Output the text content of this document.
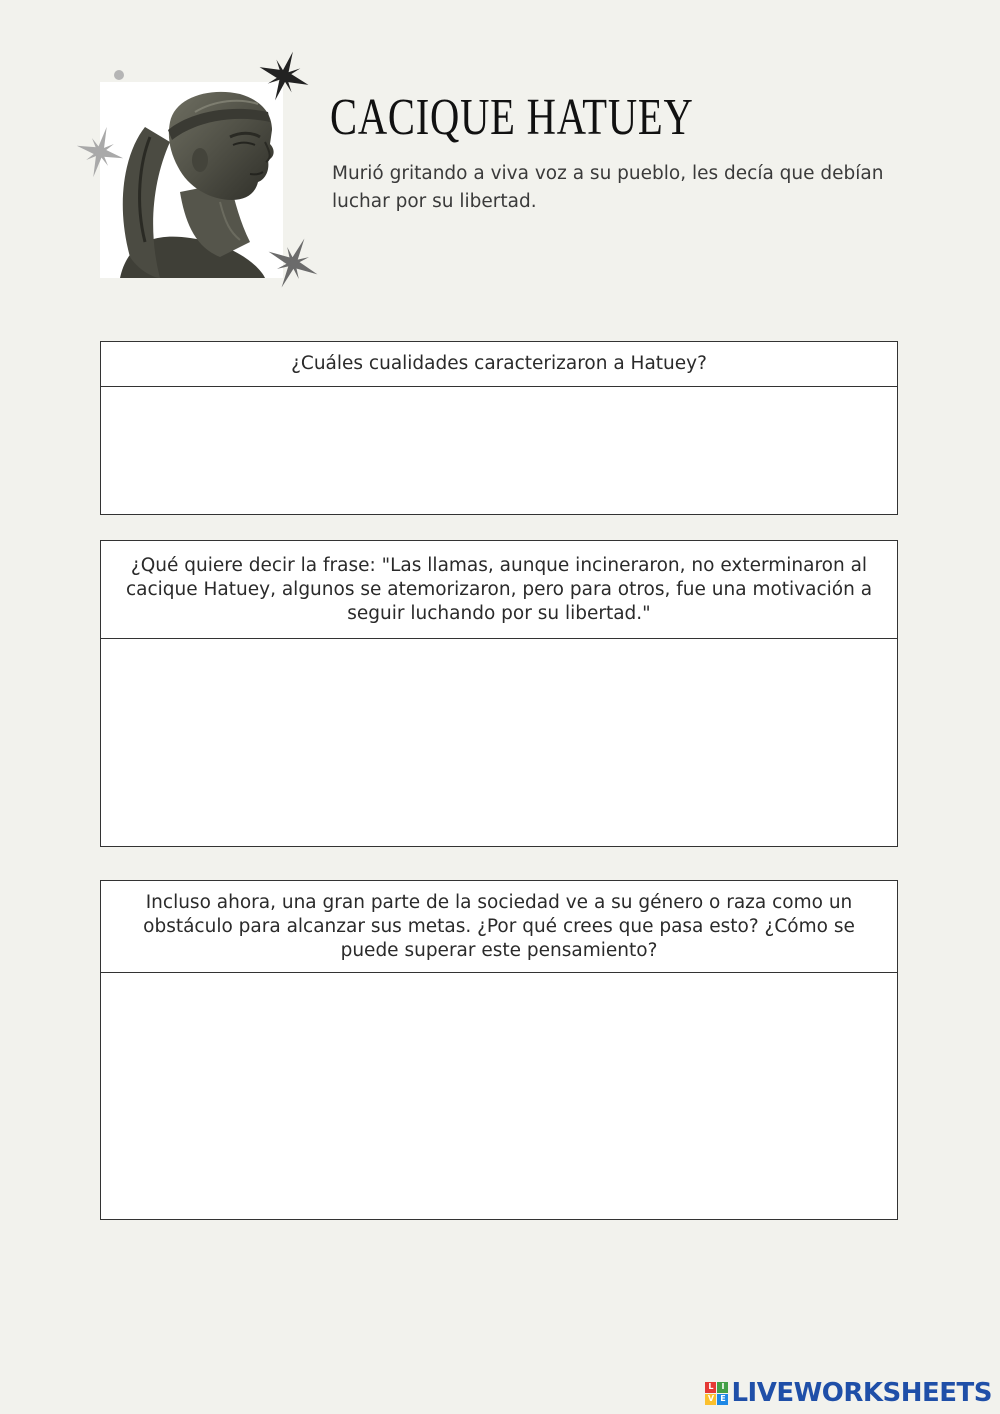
CACIQUE HATUEY

Murió gritando a viva voz a su pueblo, les decía que debían luchar por su libertad.

¿Cuáles cualidades caracterizaron a Hatuey?
¿Qué quiere decir la frase: "Las llamas, aunque incineraron, no exterminaron al cacique Hatuey, algunos se atemorizaron, pero para otros, fue una motivación a seguir luchando por su libertad."
Incluso ahora, una gran parte de la sociedad ve a su género o raza como un obstáculo para alcanzar sus metas. ¿Por qué crees que pasa esto? ¿Cómo se puede superar este pensamiento?
L I
V E LIVEWORKSHEETS
